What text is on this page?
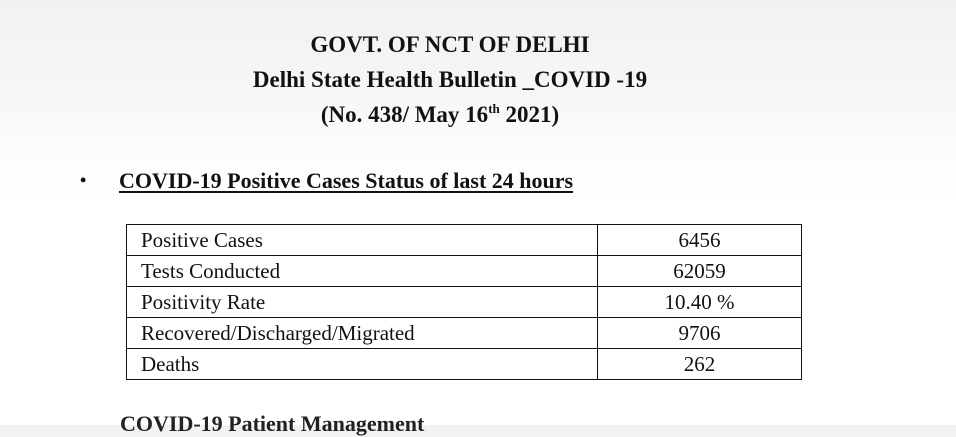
GOVT. OF NCT OF DELHI
Delhi State Health Bulletin _COVID -19
(No. 438/ May 16th 2021)
• COVID-19 Positive Cases Status of last 24 hours
Positive Cases	6456
Tests Conducted	62059
Positivity Rate	10.40 %
Recovered/Discharged/Migrated	9706
Deaths	262
COVID-19 Patient Management
